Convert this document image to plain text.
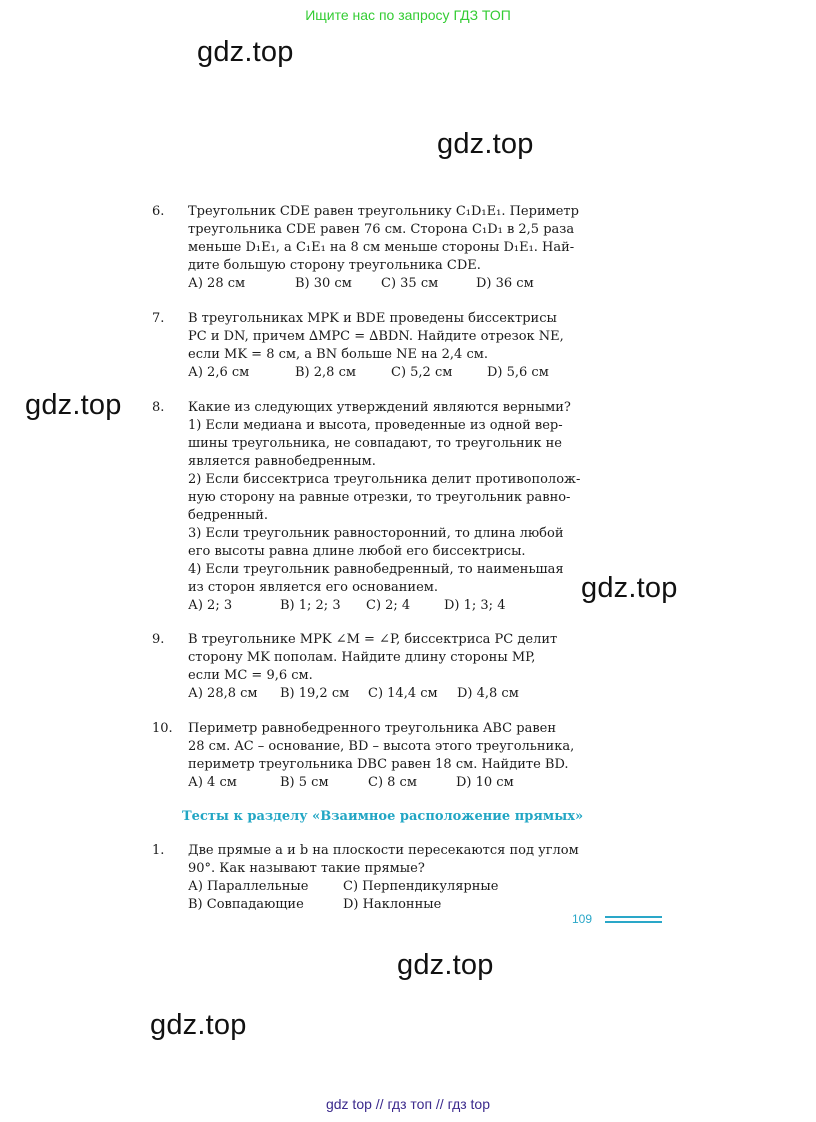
Ищите нас по запросу ГДЗ ТОП
gdz.top
gdz.top
gdz.top
gdz.top
gdz.top
gdz.top
6. Треугольник CDE равен треугольнику C₁D₁E₁. Периметр

треугольника CDE равен 76 см. Сторона C₁D₁ в 2,5 раза

меньше D₁E₁, а C₁E₁ на 8 см меньше стороны D₁E₁. Най-

дите большую сторону треугольника CDE.

А) 28 см	В) 30 см	С) 35 см	D) 36 см
7. В треугольниках MPK и BDE проведены биссектрисы

PC и DN, причем ∆MPC = ∆BDN. Найдите отрезок NE,

если MK = 8 см, а BN больше NE на 2,4 см.

А) 2,6 см	В) 2,8 см	С) 5,2 см	D) 5,6 см
8. Какие из следующих утверждений являются верными?

1) Если медиана и высота, проведенные из одной вер-

шины треугольника, не совпадают, то треугольник не

является равнобедренным.

2) Если биссектриса треугольника делит противополож-

ную сторону на равные отрезки, то треугольник равно-

бедренный.

3) Если треугольник равносторонний, то длина любой

его высоты равна длине любой его биссектрисы.

4) Если треугольник равнобедренный, то наименьшая

из сторон является его основанием.

А) 2; 3	В) 1; 2; 3	С) 2; 4	D) 1; 3; 4
9. В треугольнике MPK ∠M = ∠P, биссектриса PC делит

сторону MK пополам. Найдите длину стороны MP,

если MC = 9,6 см.

А) 28,8 см	В) 19,2 см	С) 14,4 см	D) 4,8 см
10. Периметр равнобедренного треугольника ABC равен

28 см. AC – основание, BD – высота этого треугольника,

периметр треугольника DBC равен 18 см. Найдите BD.

А) 4 см	В) 5 см	С) 8 см	D) 10 см
Тесты к разделу «Взаимное расположение прямых»
1. Две прямые a и b на плоскости пересекаются под углом

90°. Как называют такие прямые?

А) Параллельные	С) Перпендикулярные
В) Совпадающие	D) Наклонные
109
gdz top // гдз топ // гдз top
